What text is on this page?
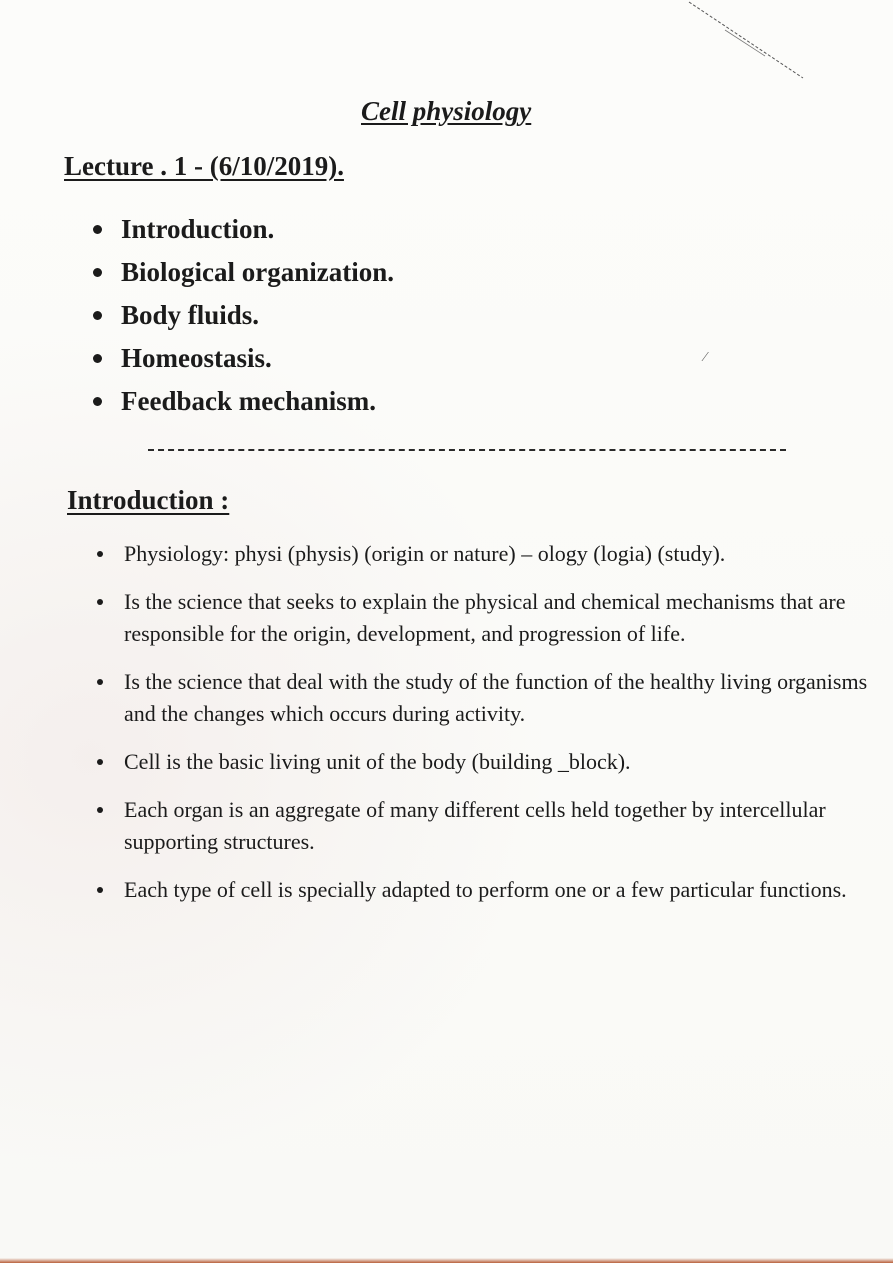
Cell physiology
Lecture . 1 - (6/10/2019).
Introduction.
Biological organization.
Body fluids.
Homeostasis.
Feedback mechanism.
⁄
Introduction :
Physiology: physi (physis) (origin or nature) – ology (logia) (study).
Is the science that seeks to explain the physical and chemical mechanisms that are responsible for the origin, development, and progression of life.
Is the science that deal with the study of the function of the healthy living organisms and the changes which occurs during activity.
Cell is the basic living unit of the body (building _block).
Each organ is an aggregate of many different cells held together by intercellular supporting structures.
Each type of cell is specially adapted to perform one or a few particular functions.
